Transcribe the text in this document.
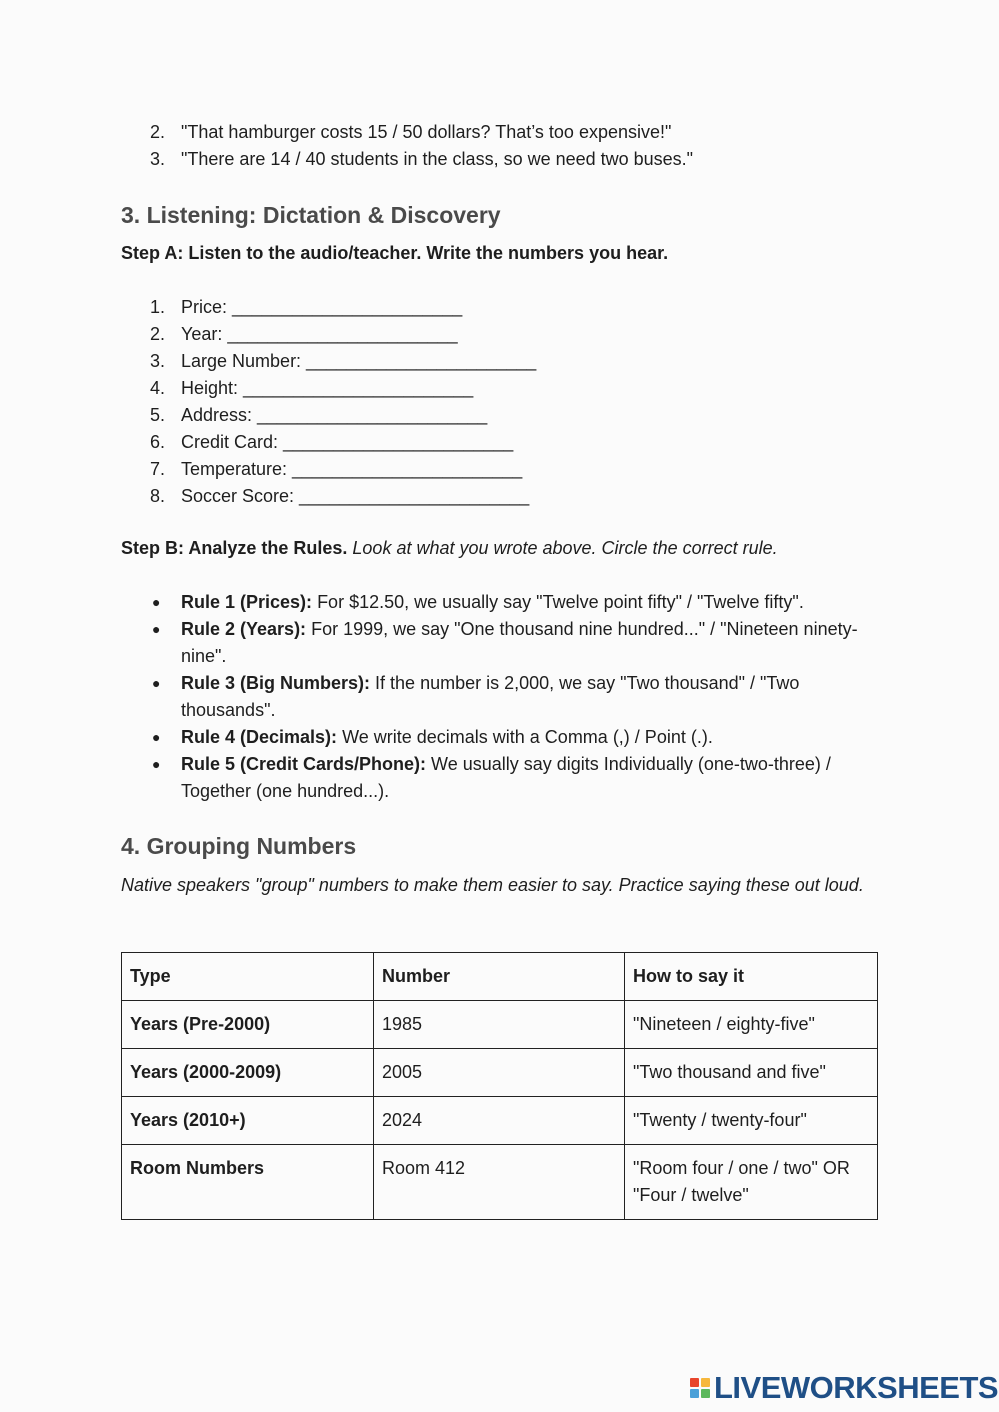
2. "That hamburger costs 15 / 50 dollars? That’s too expensive!"
3. "There are 14 / 40 students in the class, so we need two buses."
3. Listening: Dictation & Discovery

Step A: Listen to the audio/teacher. Write the numbers you hear.

1. Price: _______________________
2. Year: _______________________
3. Large Number: _______________________
4. Height: _______________________
5. Address: _______________________
6. Credit Card: _______________________
7. Temperature: _______________________
8. Soccer Score: _______________________

Step B: Analyze the Rules. Look at what you wrote above. Circle the correct rule.

● Rule 1 (Prices): For $12.50, we usually say "Twelve point fifty" / "Twelve fifty".
● Rule 2 (Years): For 1999, we say "One thousand nine hundred..." / "Nineteen ninety-nine".
● Rule 3 (Big Numbers): If the number is 2,000, we say "Two thousand" / "Two thousands".
● Rule 4 (Decimals): We write decimals with a Comma (,) / Point (.).
● Rule 5 (Credit Cards/Phone): We usually say digits Individually (one-two-three) / Together (one hundred...).
4. Grouping Numbers

Native speakers "group" numbers to make them easier to say. Practice saying these out loud.

Type	Number	How to say it
Years (Pre-2000)	1985	"Nineteen / eighty-five"
Years (2000-2009)	2005	"Two thousand and five"
Years (2010+)	2024	"Twenty / twenty-four"
Room Numbers	Room 412	"Room four / one / two" OR "Four / twelve"
LIVEWORKSHEETS
